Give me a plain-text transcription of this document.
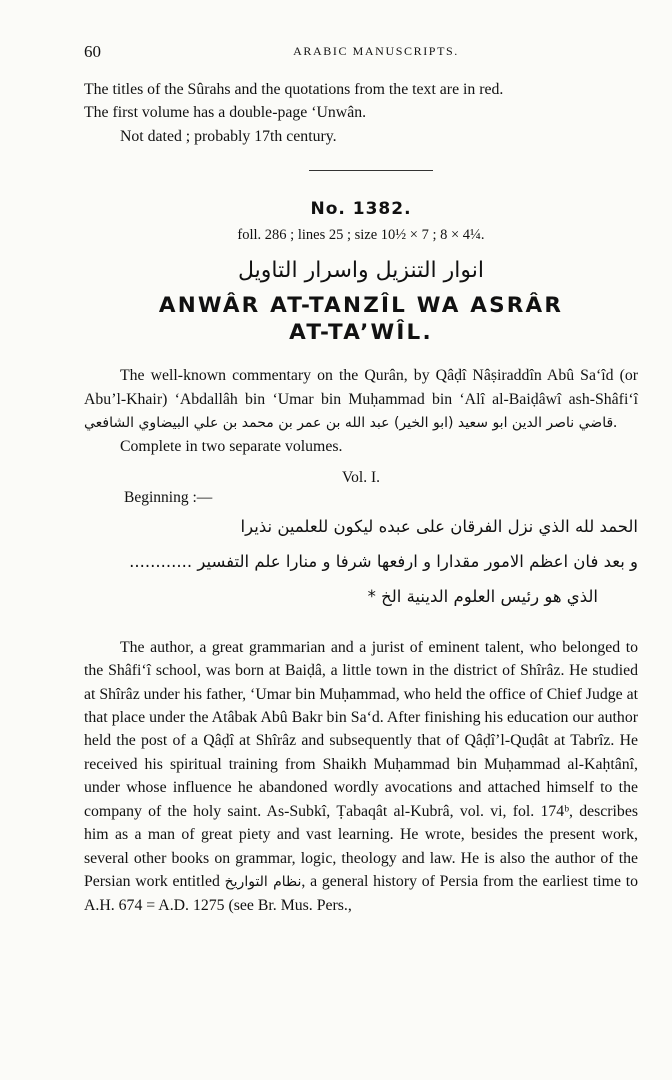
60	ARABIC MANUSCRIPTS.

The titles of the Sûrahs and the quotations from the text are in red.

The first volume has a double-page ‘Unwân.

Not dated ; probably 17th century.

No. 1382.
foll. 286 ; lines 25 ; size 10½ × 7 ; 8 × 4¼.
انوار التنزيل واسرار التاويل
ANWÂR AT-TANZÎL WA ASRÂR
AT-TA’WÎL.

The well-known commentary on the Qurân, by Qâḍî Nâṣiraddîn Abû Sa‘îd (or Abu’l-Khair) ‘Abdallâh bin ‘Umar bin Muḥammad bin ‘Alî al-Baiḍâwî ash-Shâfi‘î قاضي ناصر الدين ابو سعيد (ابو الخير) عبد الله بن عمر بن محمد بن علي البيضاوي الشافعي.

Complete in two separate volumes.

Vol. I.
Beginning :—
الحمد لله الذي نزل الفرقان على عبده ليكون للعلمين نذيرا
و بعد فان اعظم الامور مقدارا و ارفعها شرفا و منارا علم التفسير ............
الذي هو رئيس العلوم الدينية الخ *

The author, a great grammarian and a jurist of eminent talent, who belonged to the Shâfi‘î school, was born at Baiḍâ, a little town in the district of Shîrâz. He studied at Shîrâz under his father, ‘Umar bin Muḥammad, who held the office of Chief Judge at that place under the Atâbak Abû Bakr bin Sa‘d. After finishing his education our author held the post of a Qâḍî at Shîrâz and subsequently that of Qâḍî’l-Quḍât at Tabrîz. He received his spiritual training from Shaikh Muḥammad bin Muḥammad al-Kaḥtânî, under whose influence he abandoned wordly avocations and attached himself to the company of the holy saint. As-Subkî, Ṭabaqât al-Kubrâ, vol. vi, fol. 174ᵇ, describes him as a man of great piety and vast learning. He wrote, besides the present work, several other books on grammar, logic, theology and law. He is also the author of the Persian work entitled نظام التواريخ, a general history of Persia from the earliest time to A.H. 674 = A.D. 1275 (see Br. Mus. Pers.,
